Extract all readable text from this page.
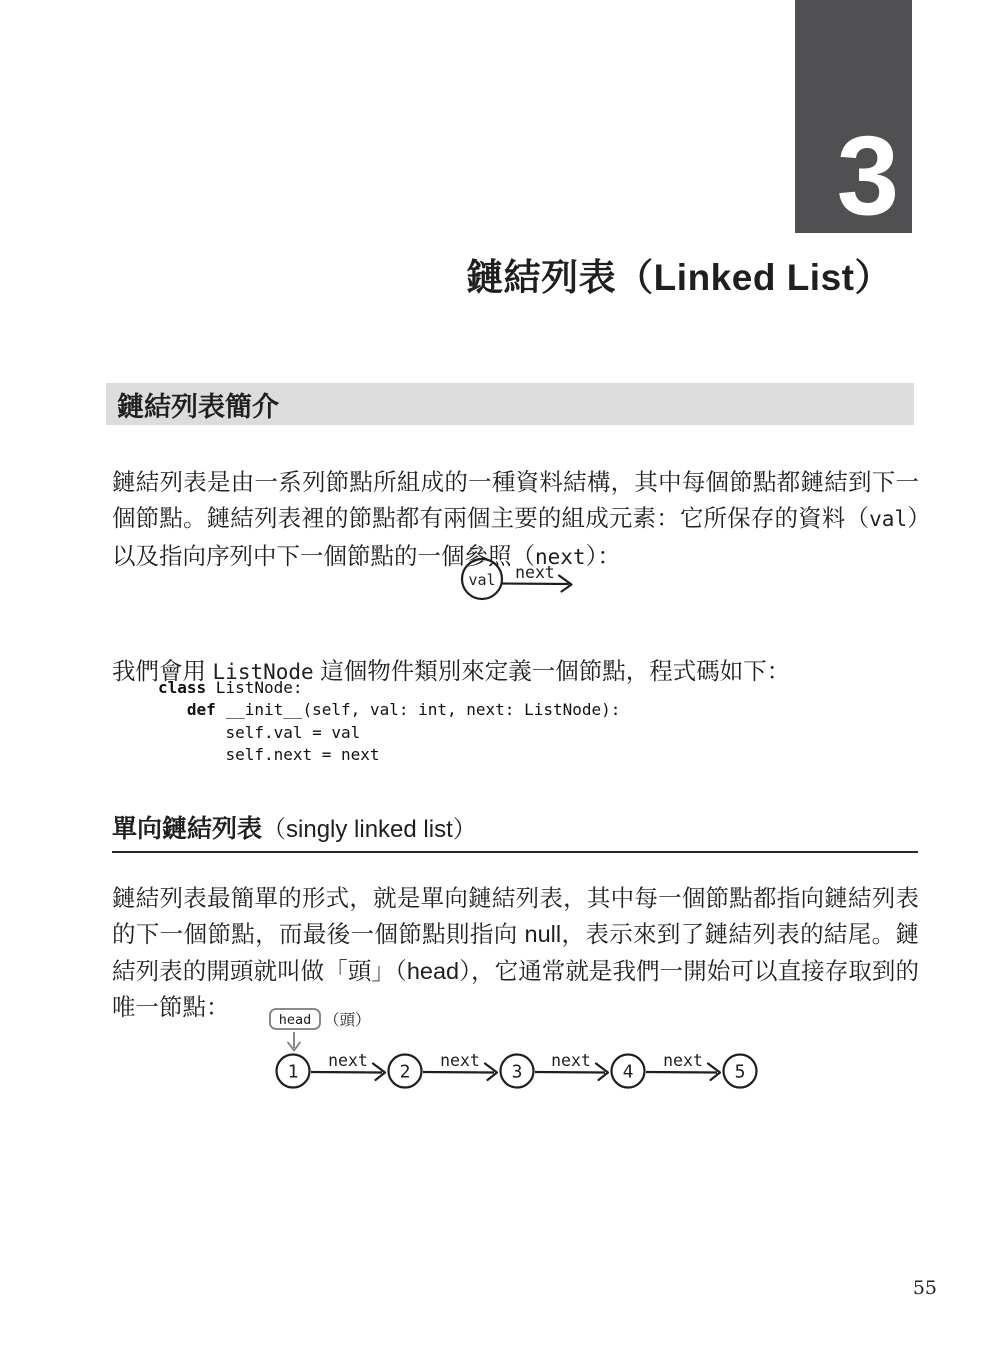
3
鏈結列表（Linked List）
鏈結列表簡介

鏈結列表是由一系列節點所組成的一種資料結構，其中每個節點都鏈結到下一個節點。鏈結列表裡的節點都有兩個主要的組成元素：它所保存的資料（val）以及指向序列中下一個節點的一個參照（next）：

val next

我們會用 ListNode 這個物件類別來定義一個節點，程式碼如下：

class ListNode:
def __init__(self, val: int, next: ListNode):
self.val = val
self.next = next
單向鏈結列表（singly linked list）

鏈結列表最簡單的形式，就是單向鏈結列表，其中每一個節點都指向鏈結列表的下一個節點，而最後一個節點則指向 null，表示來到了鏈結列表的結尾。鏈結列表的開頭就叫做「頭」（head），它通常就是我們一開始可以直接存取到的唯一節點：	head （頭）
1
next
2
next
3
next
4
next
5
55
